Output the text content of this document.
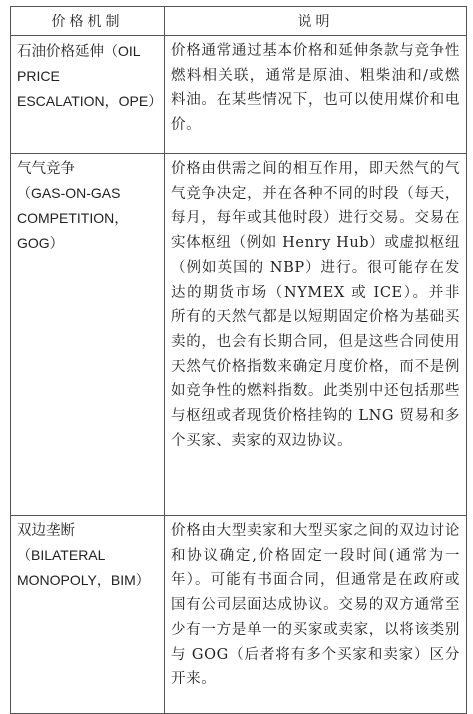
价格机制	说明

石油价格延伸（OIL PRICE ESCALATION，OPE）	价格通常通过基本价格和延伸条款与竞争性燃料相关联，通常是原油、粗柴油和/或燃料油。在某些情况下，也可以使用煤价和电价。

气气竞争
（GAS-ON-GAS COMPETITION，GOG）	价格由供需之间的相互作用，即天然气的气气竞争决定，并在各种不同的时段（每天，每月，每年或其他时段）进行交易。交易在实体枢纽（例如 Henry Hub）或虚拟枢纽（例如英国的 NBP）进行。很可能存在发达的期货市场（NYMEX 或 ICE）。并非所有的天然气都是以短期固定价格为基础买卖的，也会有长期合同，但是这些合同使用天然气价格指数来确定月度价格，而不是例如竞争性的燃料指数。此类别中还包括那些与枢纽或者现货价格挂钩的 LNG 贸易和多个买家、卖家的双边协议。

双边垄断
（BILATERAL MONOPOLY，BIM）	价格由大型卖家和大型买家之间的双边讨论和协议确定,价格固定一段时间(通常为一年）。可能有书面合同，但通常是在政府或国有公司层面达成协议。交易的双方通常至少有一方是单一的买家或卖家，以将该类别与 GOG（后者将有多个买家和卖家）区分开来。
